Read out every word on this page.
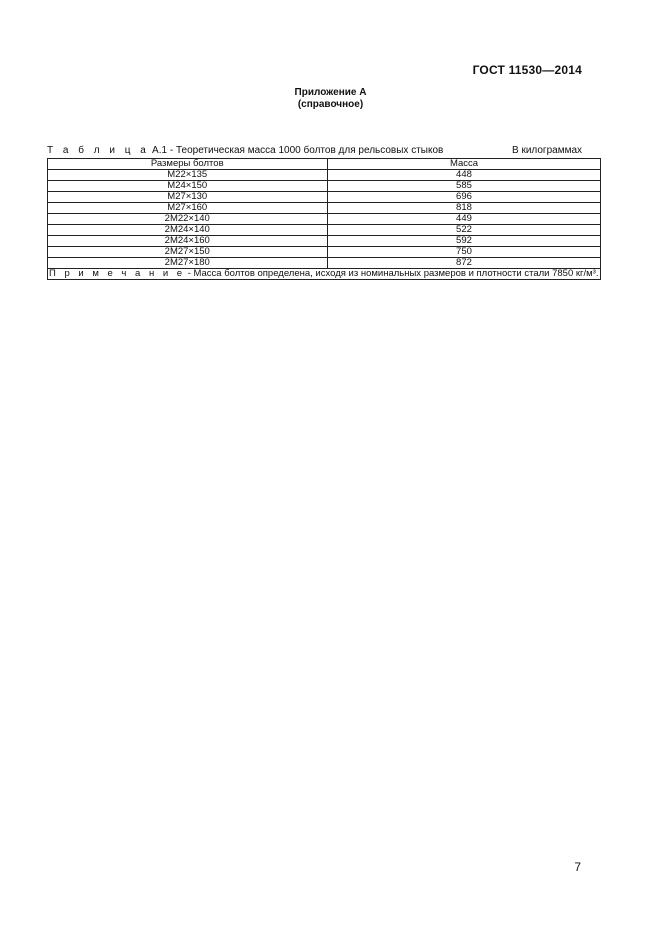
ГОСТ 11530—2014
Приложение А
(справочное)
Т а б л и ц а А.1 - Теоретическая масса 1000 болтов для рельсовых стыков	В килограммах
Размеры болтов	Масса
М22×135	448
М24×150	585
М27×130	696
М27×160	818
2М22×140	449
2М24×140	522
2М24×160	592
2М27×150	750
2М27×180	872
П р и м е ч а н и е - Масса болтов определена, исходя из номинальных размеров и плотности стали 7850 кг/м³.	
7
